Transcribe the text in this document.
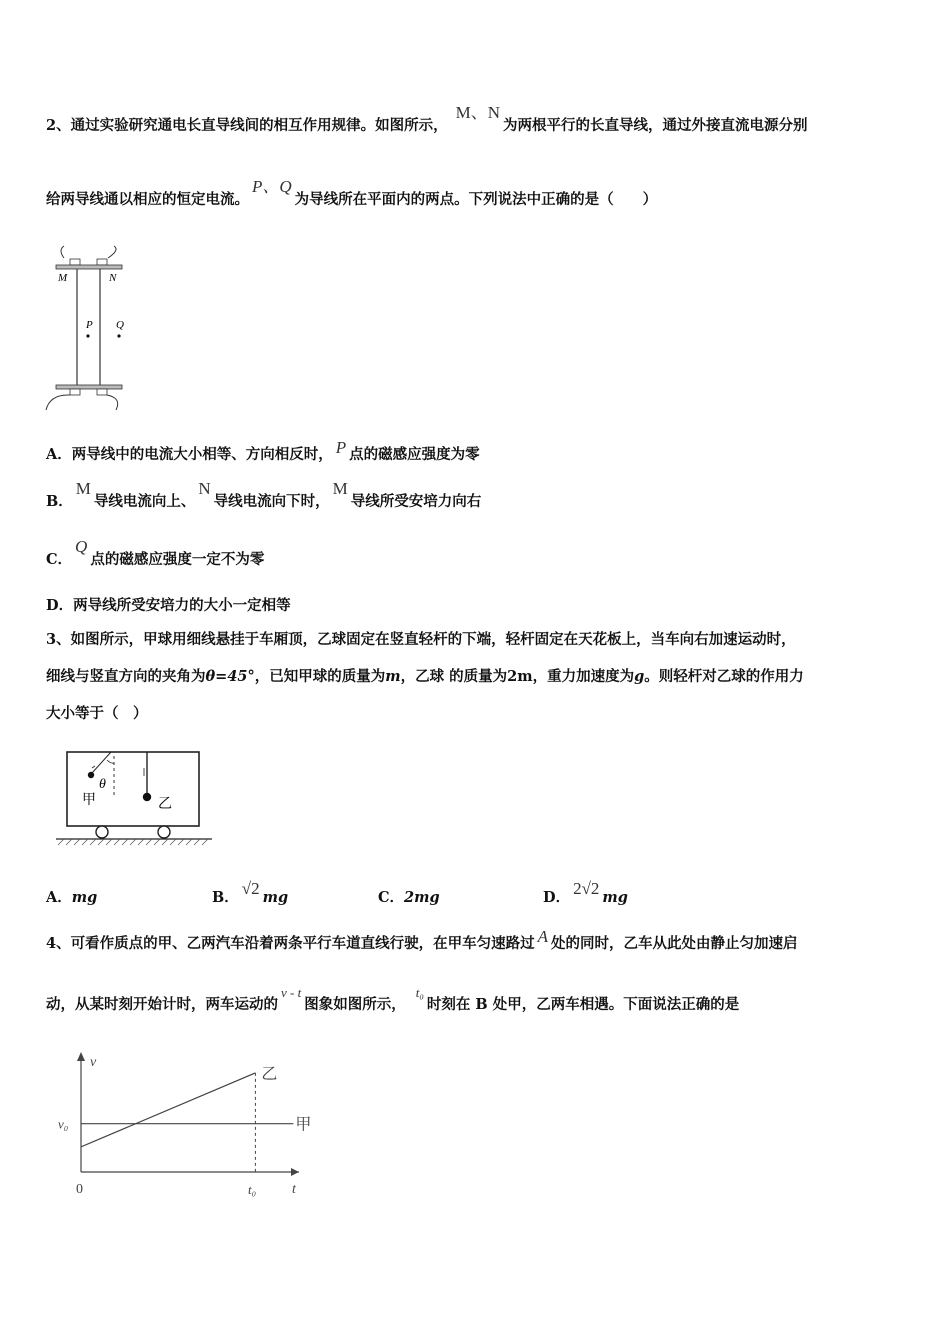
2、通过实验研究通电长直导线间的相互作用规律。如图所示，M、N为两根平行的长直导线，通过外接直流电源分别
给两导线通以相应的恒定电流。P、Q为导线所在平面内的两点。下列说法中正确的是（　　）
M	N
P Q
A．两导线中的电流大小相等、方向相反时， P 点的磁感应强度为零
B．M导线电流向上、N导线电流向下时，M导线所受安培力向右
C．Q点的磁感应强度一定不为零
D．两导线所受安培力的大小一定相等
3、如图所示，甲球用细线悬挂于车厢顶，乙球固定在竖直轻杆的下端，轻杆固定在天花板上，当车向右加速运动时，
细线与竖直方向的夹角为θ=45°，已知甲球的质量为m，乙球 的质量为2m，重力加速度为g。则轻杆对乙球的作用力
大小等于（　）
θ
甲	乙
A．mg	B． √2 mg	C．2mg	D． 2√2 mg
4、可看作质点的甲、乙两汽车沿着两条平行车道直线行驶，在甲车匀速路过 A 处的同时，乙车从此处由静止匀加速启
动，从某时刻开始计时，两车运动的v - t图象如图所示，t₀时刻在 B 处甲，乙两车相遇。下面说法正确的是
v
t
0
v₀
t₀
甲
乙
